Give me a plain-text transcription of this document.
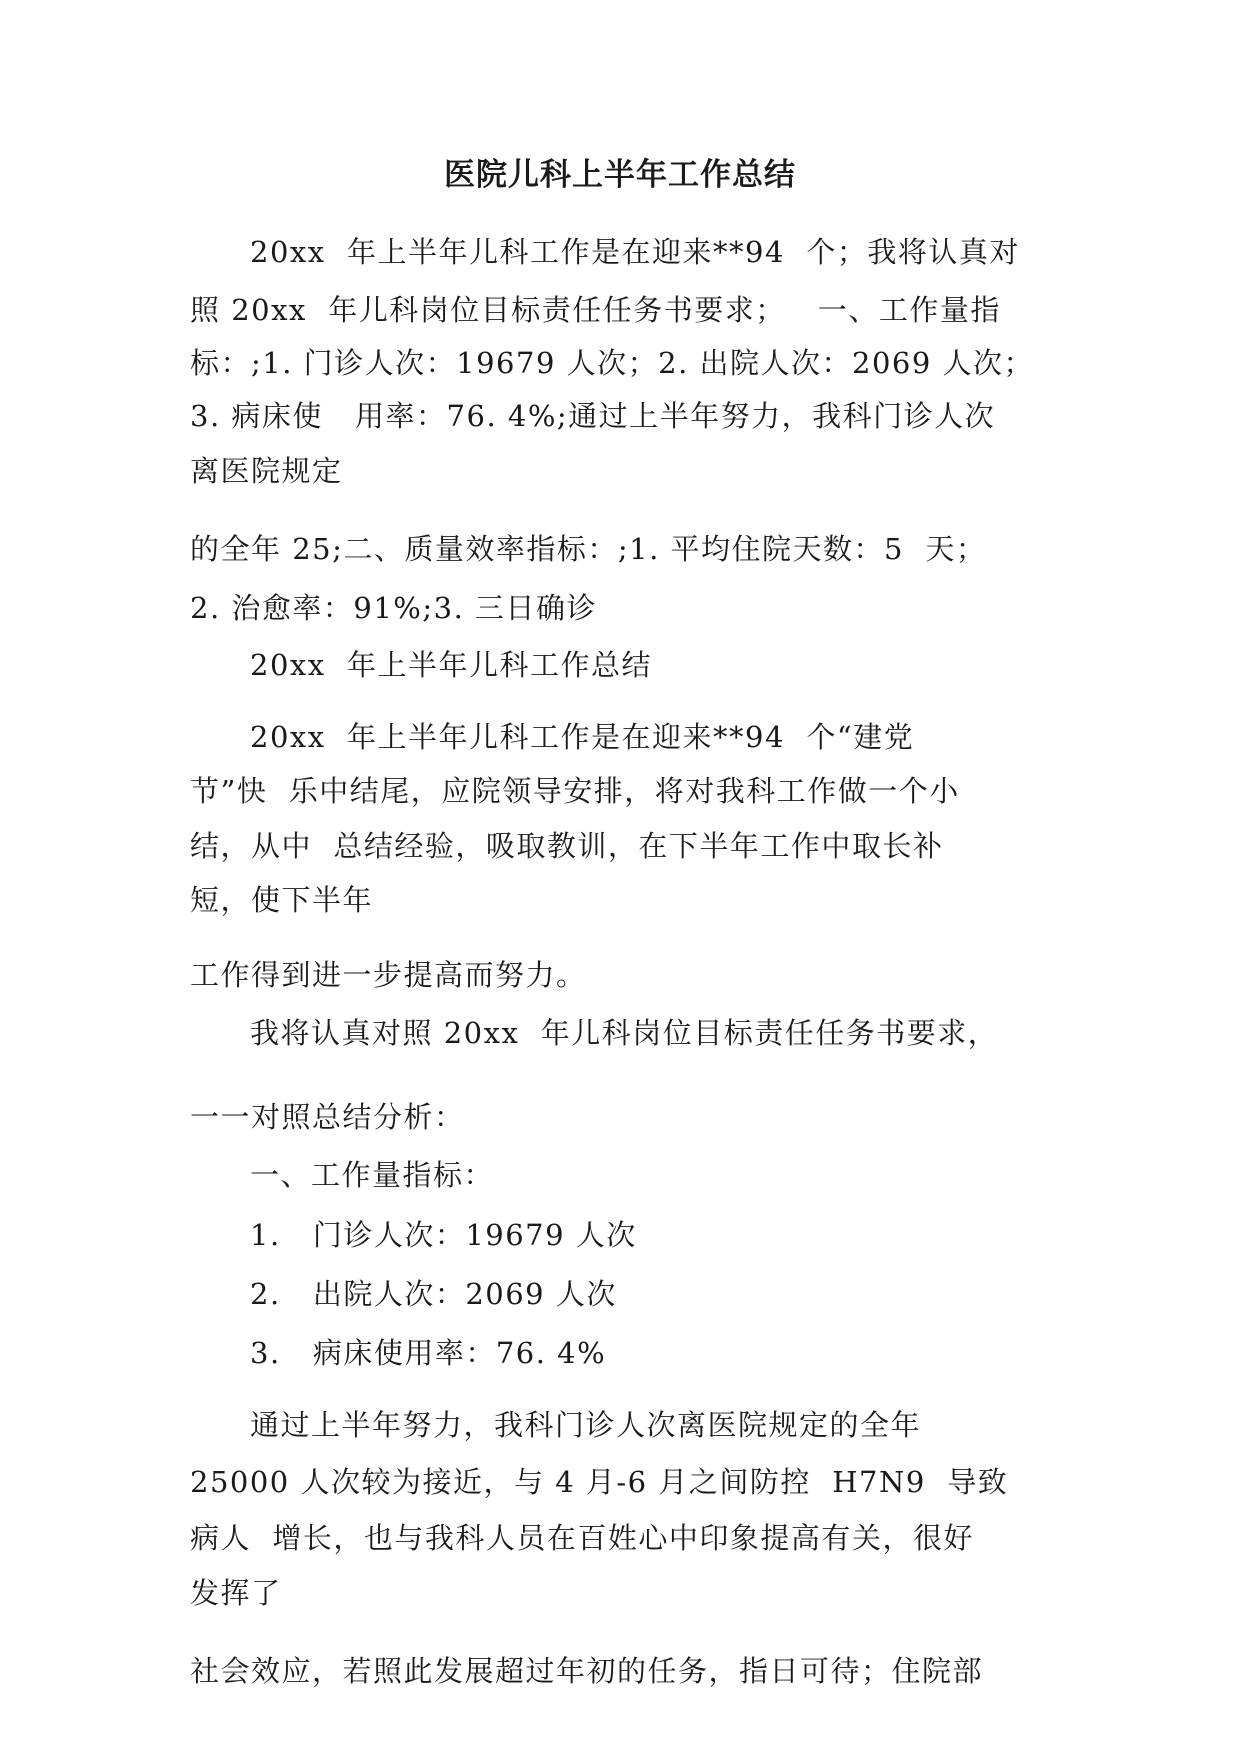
医院儿科上半年工作总结
20xx  年上半年儿科工作是在迎来**94  个；我将认真对
照 20xx  年儿科岗位目标责任任务书要求；   一、工作量指
标：;1. 门诊人次：19679 人次；2. 出院人次：2069 人次；
3. 病床使   用率：76. 4%;通过上半年努力，我科门诊人次
离医院规定
的全年 25;二、质量效率指标：;1. 平均住院天数：5  天；
2. 治愈率：91%;3. 三日确诊
20xx  年上半年儿科工作总结
20xx  年上半年儿科工作是在迎来**94  个“建党
节”快  乐中结尾，应院领导安排，将对我科工作做一个小
结，从中  总结经验，吸取教训，在下半年工作中取长补
短，使下半年
工作得到进一步提高而努力。
我将认真对照 20xx  年儿科岗位目标责任任务书要求，
一一对照总结分析：
一、工作量指标：
1.   门诊人次：19679 人次
2.   出院人次：2069 人次
3.   病床使用率：76. 4%
通过上半年努力，我科门诊人次离医院规定的全年
25000 人次较为接近，与 4 月-6 月之间防控  H7N9  导致
病人  增长，也与我科人员在百姓心中印象提高有关，很好
发挥了
社会效应，若照此发展超过年初的任务，指日可待；住院部
